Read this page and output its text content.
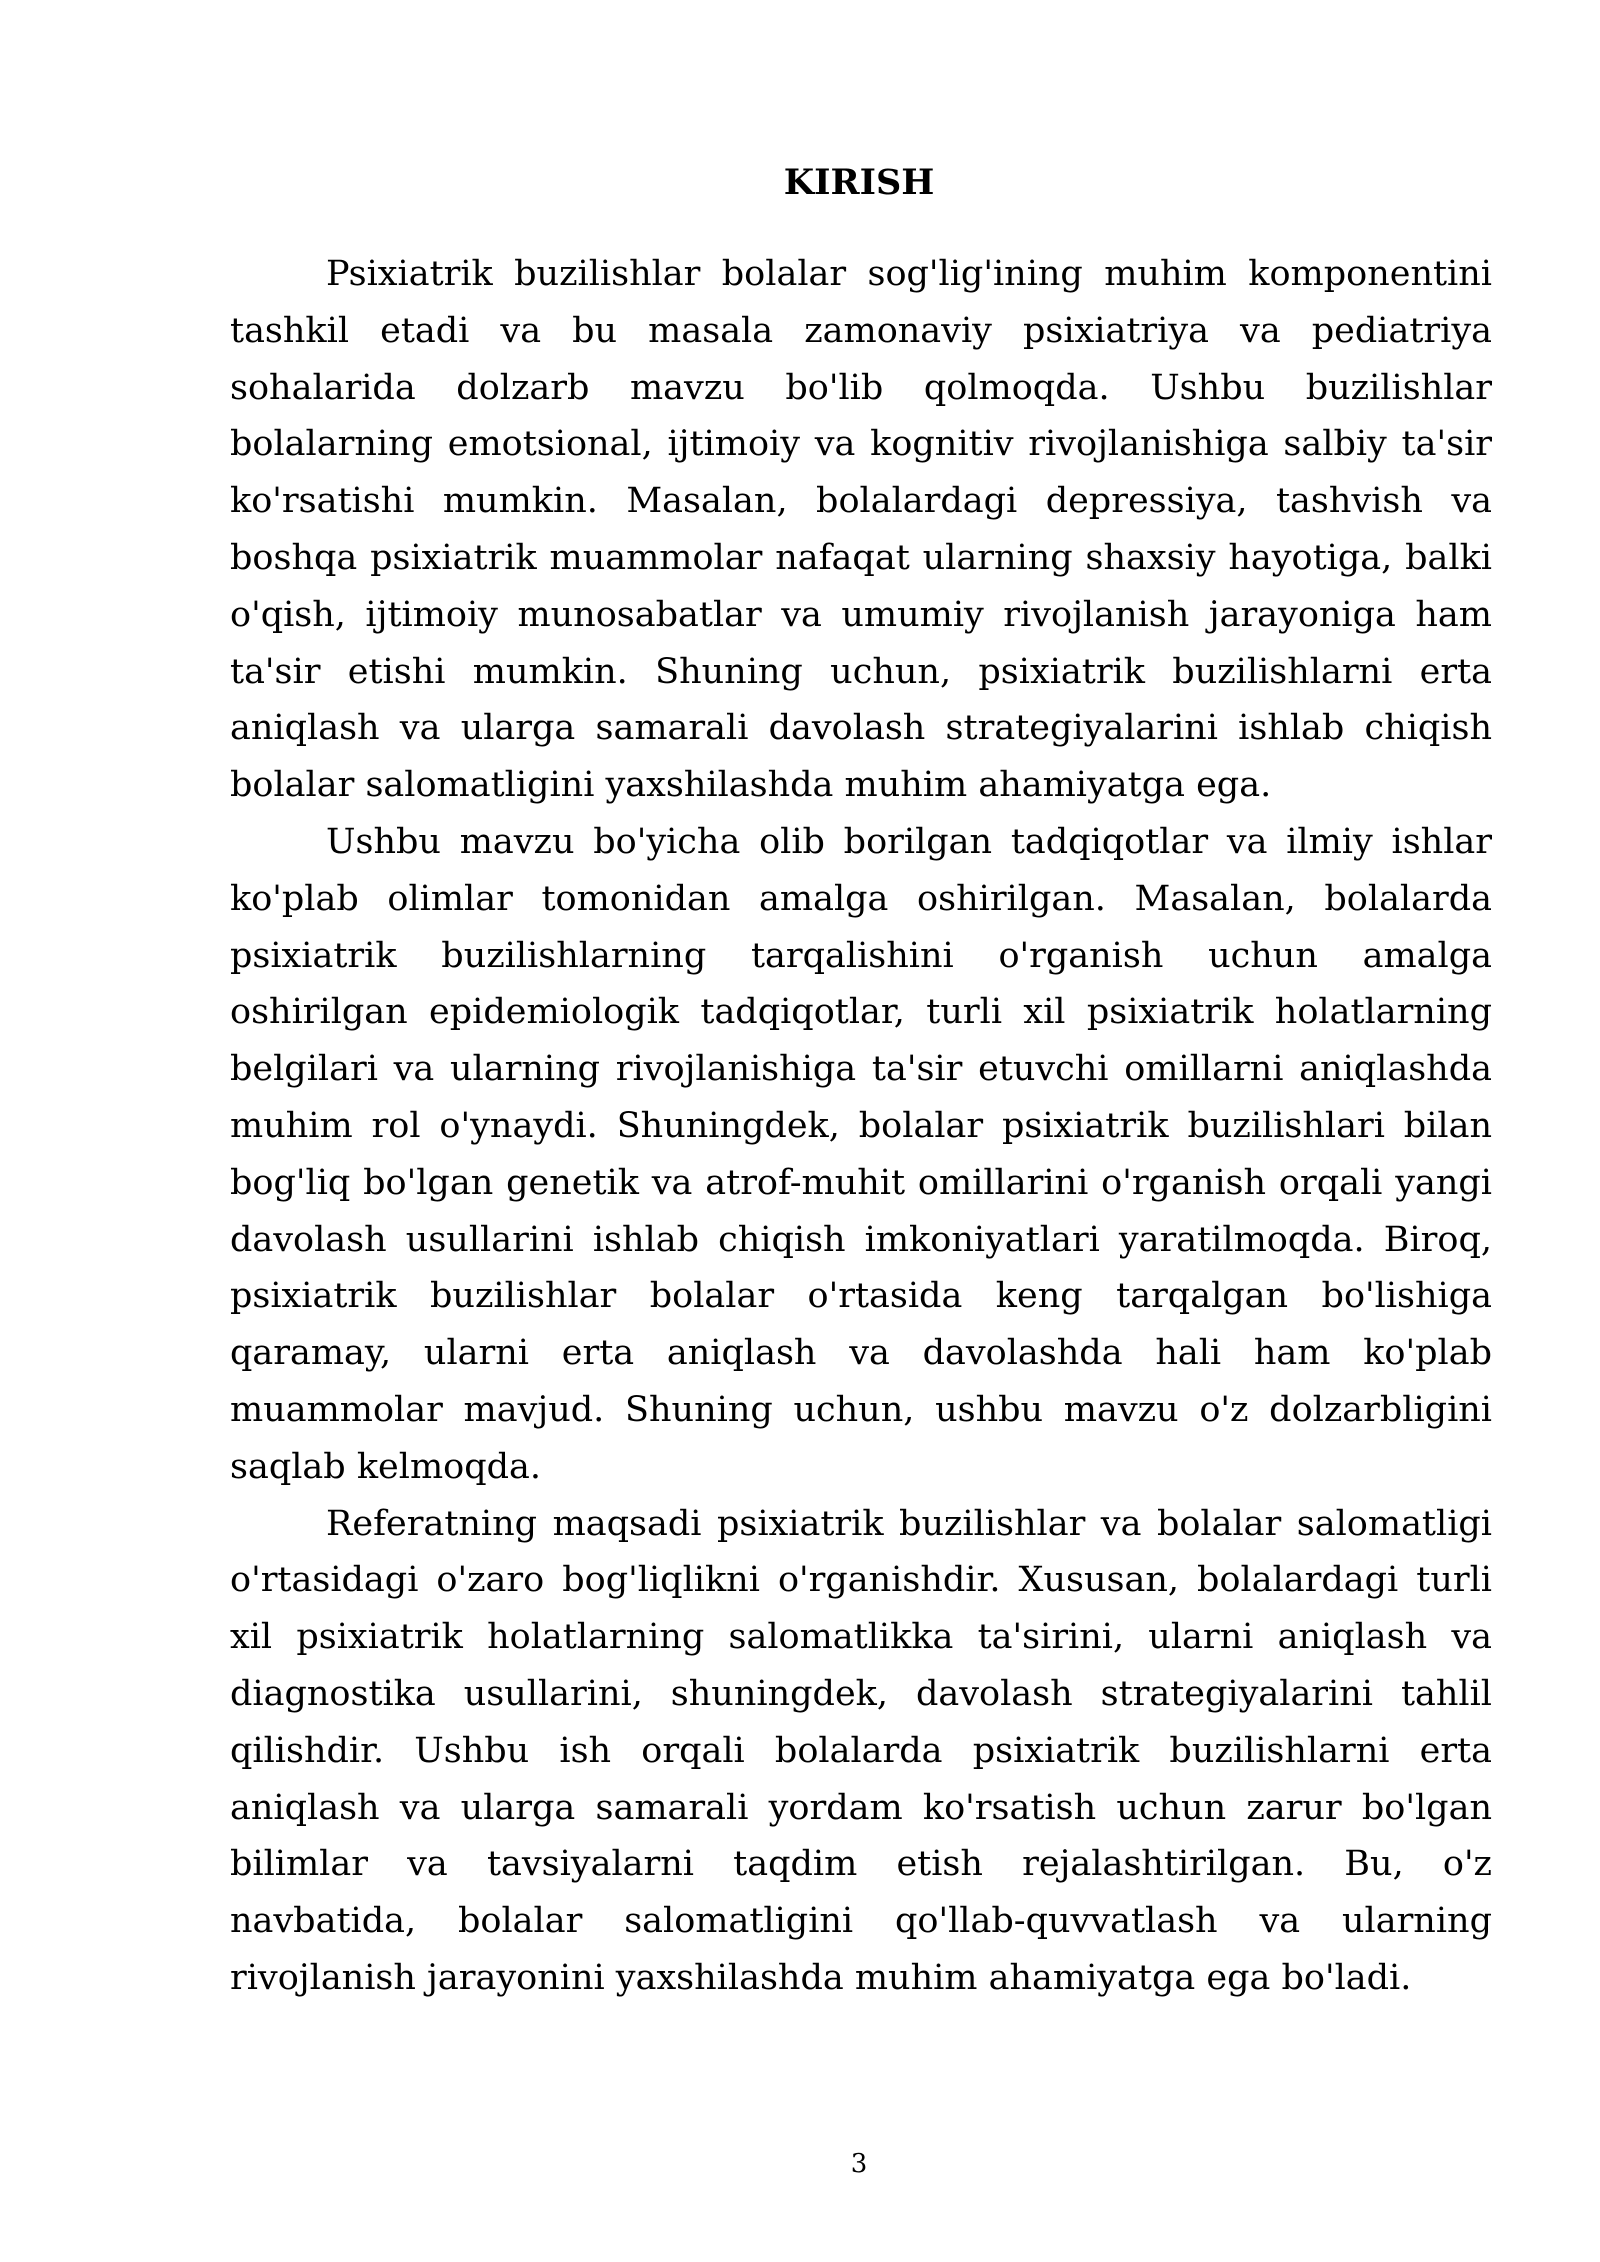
KIRISH

Psixiatrik buzilishlar bolalar sog'lig'ining muhim komponentini tashkil etadi va bu masala zamonaviy psixiatriya va pediatriya sohalarida dolzarb mavzu bo'lib qolmoqda. Ushbu buzilishlar bolalarning emotsional, ijtimoiy va kognitiv rivojlanishiga salbiy ta'sir ko'rsatishi mumkin. Masalan, bolalardagi depressiya, tashvish va boshqa psixiatrik muammolar nafaqat ularning shaxsiy hayotiga, balki o'qish, ijtimoiy munosabatlar va umumiy rivojlanish jarayoniga ham ta'sir etishi mumkin. Shuning uchun, psixiatrik buzilishlarni erta aniqlash va ularga samarali davolash strategiyalarini ishlab chiqish bolalar salomatligini yaxshilashda muhim ahamiyatga ega.

Ushbu mavzu bo'yicha olib borilgan tadqiqotlar va ilmiy ishlar ko'plab olimlar tomonidan amalga oshirilgan. Masalan, bolalarda psixiatrik buzilishlarning tarqalishini o'rganish uchun amalga oshirilgan epidemiologik tadqiqotlar, turli xil psixiatrik holatlarning belgilari va ularning rivojlanishiga ta'sir etuvchi omillarni aniqlashda muhim rol o'ynaydi. Shuningdek, bolalar psixiatrik buzilishlari bilan bog'liq bo'lgan genetik va atrof-muhit omillarini o'rganish orqali yangi davolash usullarini ishlab chiqish imkoniyatlari yaratilmoqda. Biroq, psixiatrik buzilishlar bolalar o'rtasida keng tarqalgan bo'lishiga qaramay, ularni erta aniqlash va davolashda hali ham ko'plab muammolar mavjud. Shuning uchun, ushbu mavzu o'z dolzarbligini saqlab kelmoqda.

Referatning maqsadi psixiatrik buzilishlar va bolalar salomatligi o'rtasidagi o'zaro bog'liqlikni o'rganishdir. Xususan, bolalardagi turli xil psixiatrik holatlarning salomatlikka ta'sirini, ularni aniqlash va diagnostika usullarini, shuningdek, davolash strategiyalarini tahlil qilishdir. Ushbu ish orqali bolalarda psixiatrik buzilishlarni erta aniqlash va ularga samarali yordam ko'rsatish uchun zarur bo'lgan bilimlar va tavsiyalarni taqdim etish rejalashtirilgan. Bu, o'z navbatida, bolalar salomatligini qo'llab-quvvatlash va ularning rivojlanish jarayonini yaxshilashda muhim ahamiyatga ega bo'ladi.

3
